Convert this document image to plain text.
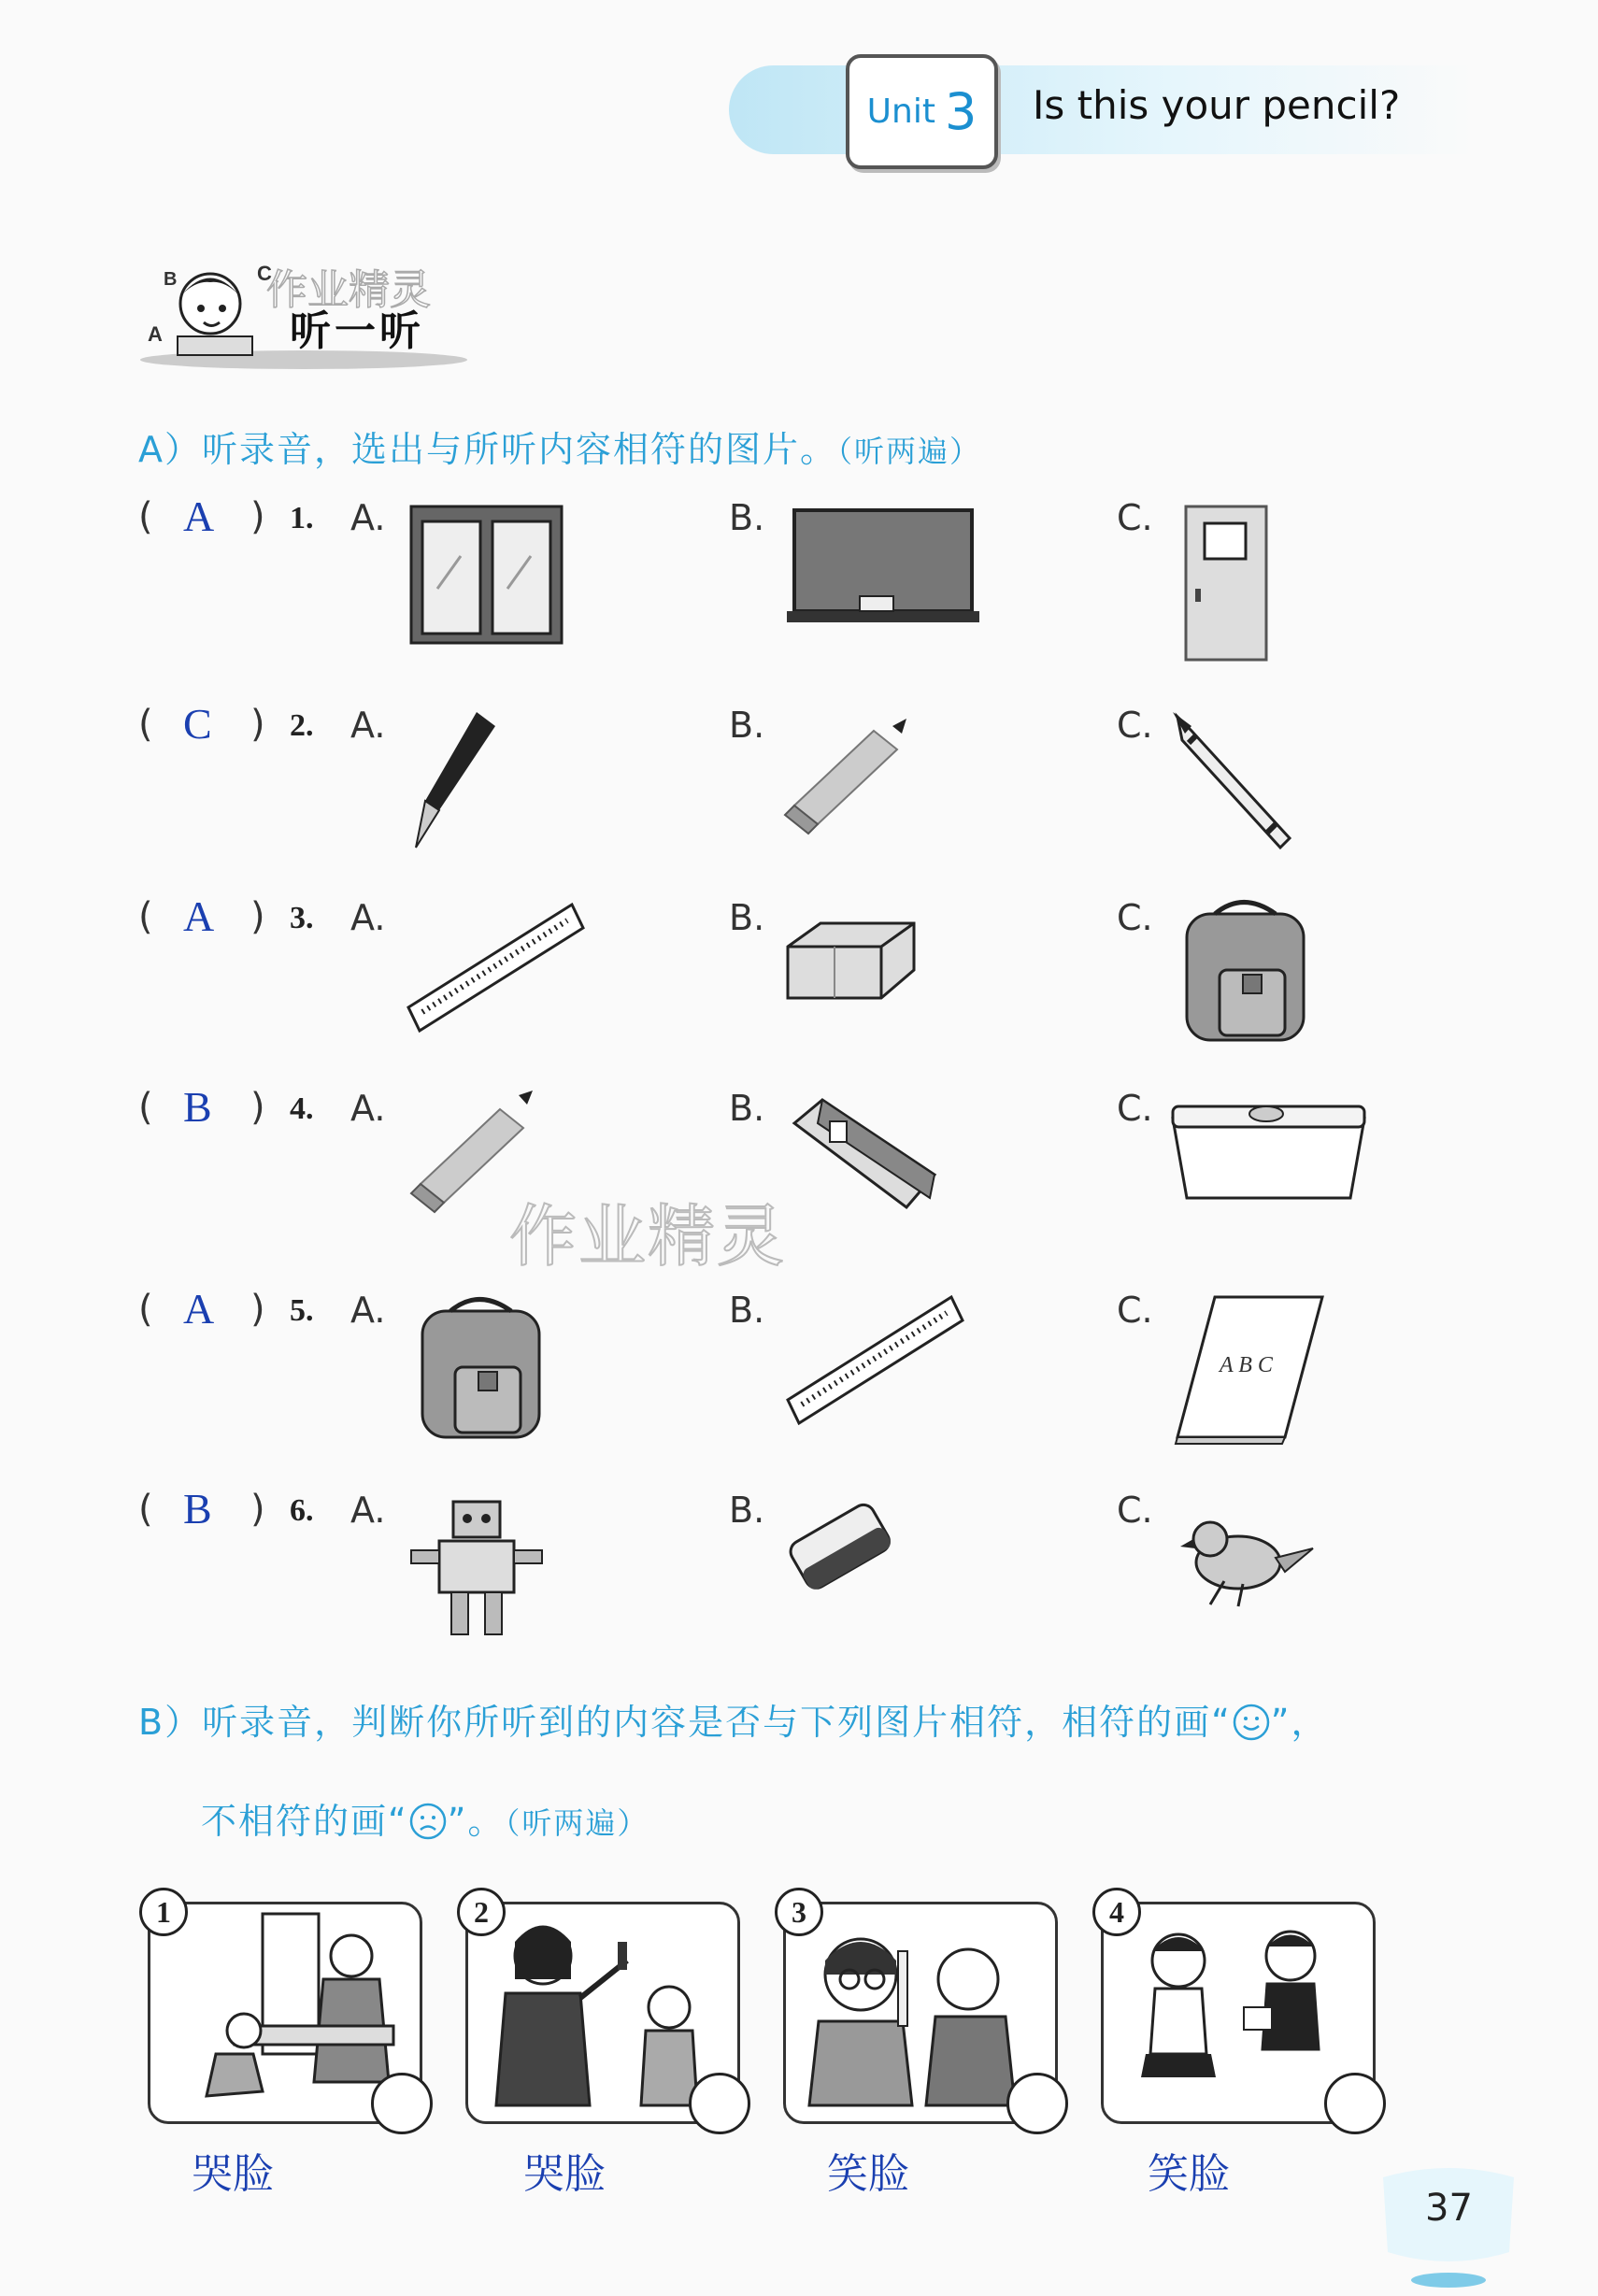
Unit 3 Is this your pencil?
A
B	C
作业精灵
听一听
A）听录音，选出与所听内容相符的图片。（听两遍）
( A ) 1. A.	B.	C.
( C ) 2. A.	B.	C.
( A ) 3. A.	B.	C.
( B ) 4. A.	B.	C.
作业精灵
( A ) 5. A.	B.	C.
A B C
( B ) 6. A.	B.	C.
B）听录音，判断你所听到的内容是否与下列图片相符，相符的画“ ”，
不相符的画“ ”。（听两遍）
1	2	3	4
哭脸	哭脸	笑脸	笑脸
37
